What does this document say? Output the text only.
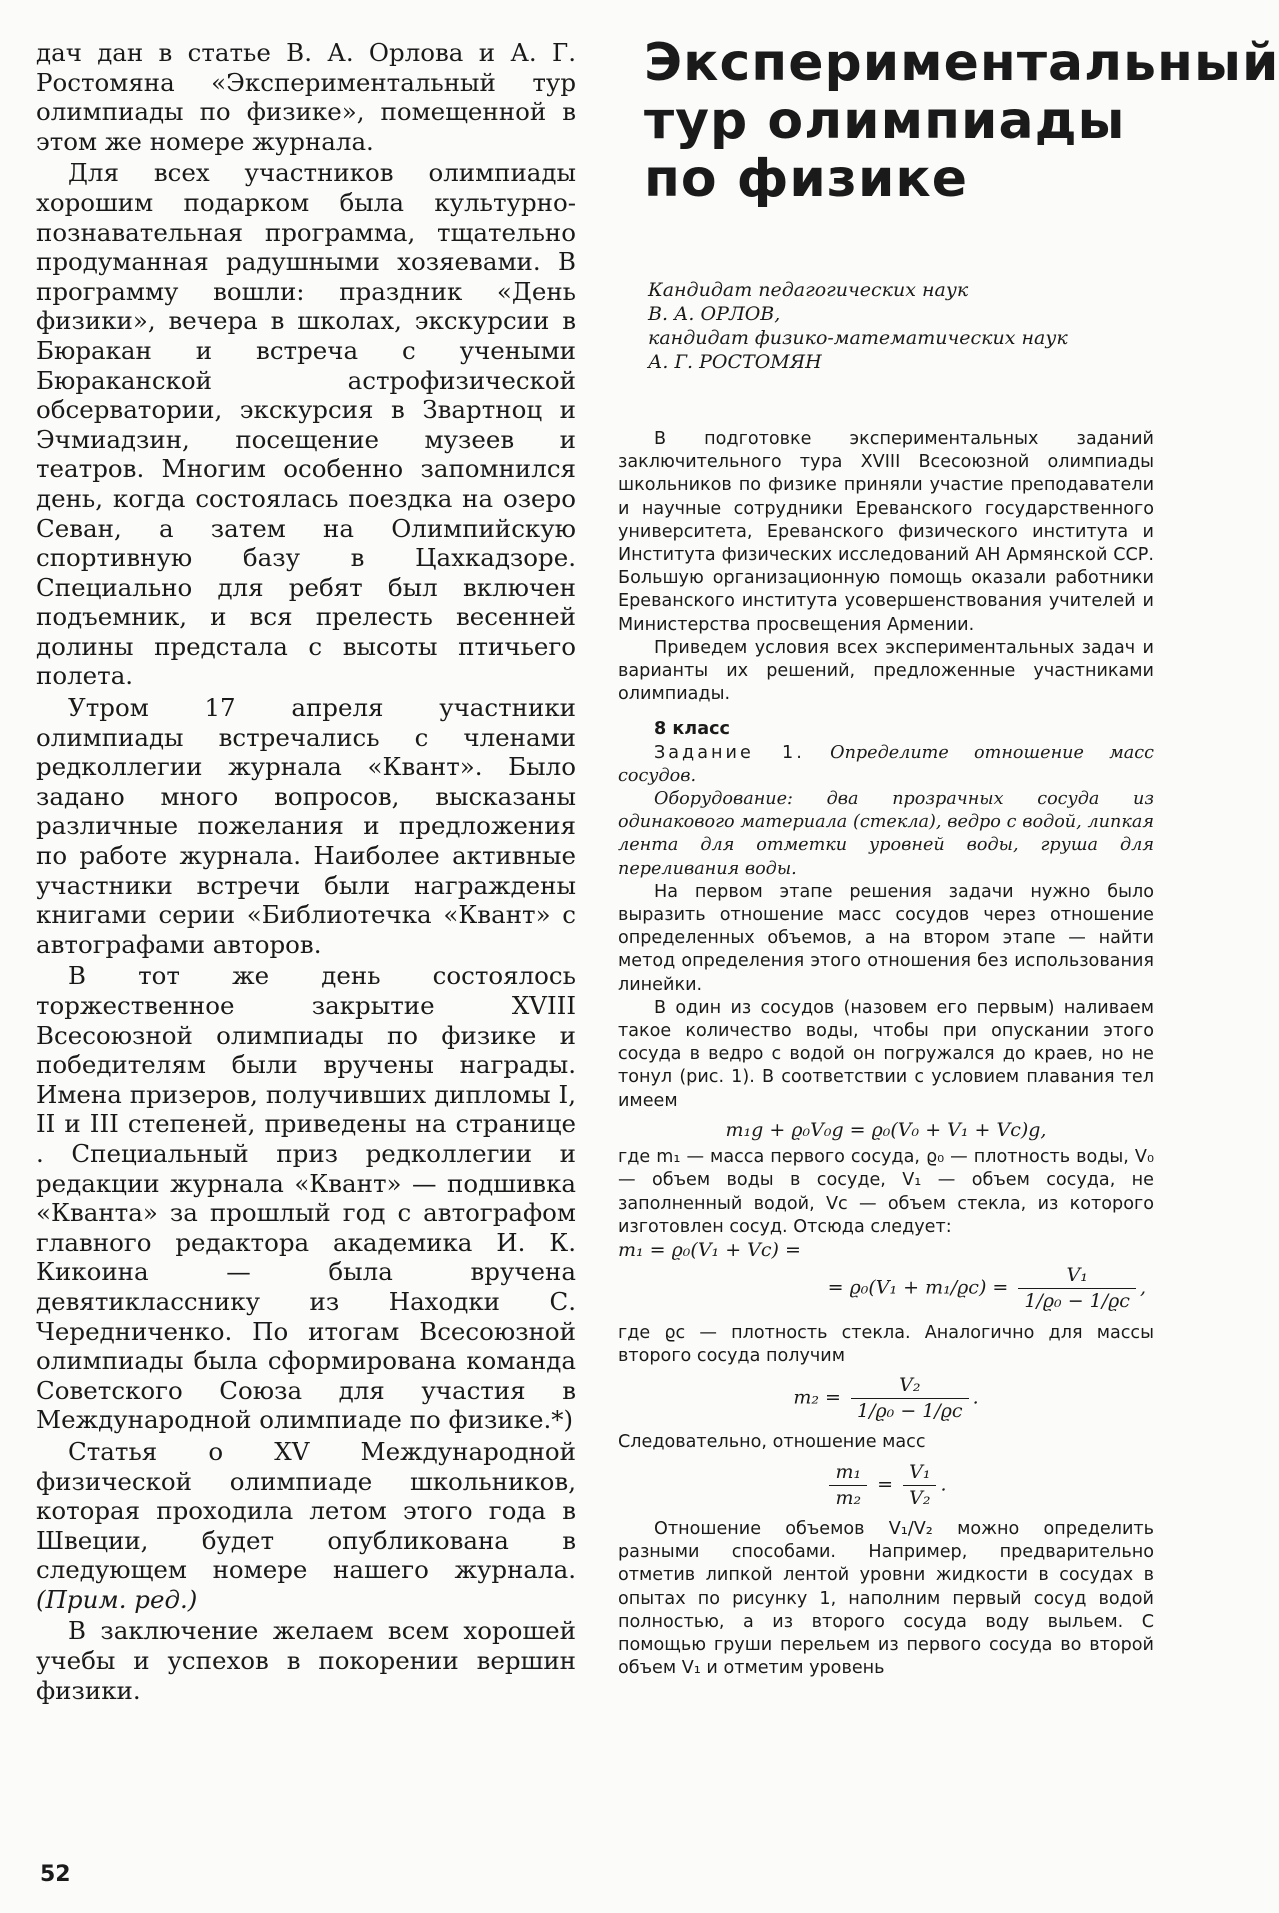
дач дан в статье В. А. Орлова и А. Г. Ростомяна «Экспериментальный тур олимпиады по физике», помещенной в этом же номере журнала.

Для всех участников олимпиады хорошим подарком была культурно-познавательная программа, тщательно продуманная радушными хозяевами. В программу вошли: праздник «День физики», вечера в школах, экскурсии в Бюракан и встреча с учеными Бюраканской астрофизической обсерватории, экскурсия в Звартноц и Эчмиадзин, посещение музеев и театров. Многим особенно запомнился день, когда состоялась поездка на озеро Севан, а затем на Олимпийскую спортивную базу в Цахкадзоре. Специально для ребят был включен подъемник, и вся прелесть весенней долины предстала с высоты птичьего полета.

Утром 17 апреля участники олимпиады встречались с членами редколлегии журнала «Квант». Было задано много вопросов, высказаны различные пожелания и предложения по работе журнала. Наиболее активные участники встречи были награждены книгами серии «Библиотечка «Квант» с автографами авторов.

В тот же день состоялось торжественное закрытие XVIII Всесоюзной олимпиады по физике и победителям были вручены награды. Имена призеров, получивших дипломы I, II и III степеней, приведены на странице . Специальный приз редколлегии и редакции журнала «Квант» — подшивка «Кванта» за прошлый год с автографом главного редактора академика И. К. Кикоина — была вручена девятикласснику из Находки С. Чередниченко. По итогам Всесоюзной олимпиады была сформирована команда Советского Союза для участия в Международной олимпиаде по физике.*)

Статья о XV Международной физической олимпиаде школьников, которая проходила летом этого года в Швеции, будет опубликована в следующем номере нашего журнала. (Прим. ред.)

В заключение желаем всем хорошей учебы и успехов в покорении вершин физики.

Экспериментальный
тур олимпиады
по физике
Кандидат педагогических наук
В. А. ОРЛОВ,
кандидат физико-математических наук
А. Г. РОСТОМЯН

В подготовке экспериментальных заданий заключительного тура XVIII Всесоюзной олимпиады школьников по физике приняли участие преподаватели и научные сотрудники Ереванского государственного университета, Ереванского физического института и Института физических исследований АН Армянской ССР. Большую организационную помощь оказали работники Ереванского института усовершенствования учителей и Министерства просвещения Армении.

Приведем условия всех экспериментальных задач и варианты их решений, предложенные участниками олимпиады.

8 класс

Задание 1. Определите отношение масс сосудов.

Оборудование: два прозрачных сосуда из одинакового материала (стекла), ведро с водой, липкая лента для отметки уровней воды, груша для переливания воды.

На первом этапе решения задачи нужно было выразить отношение масс сосудов через отношение определенных объемов, а на втором этапе — найти метод определения этого отношения без использования линейки.

В один из сосудов (назовем его первым) наливаем такое количество воды, чтобы при опускании этого сосуда в ведро с водой он погружался до краев, но не тонул (рис. 1). В соответствии с условием плавания тел имеем

m₁g + ϱ₀V₀g = ϱ₀(V₀ + V₁ + Vс)g,

где m₁ — масса первого сосуда, ϱ₀ — плотность воды, V₀ — объем воды в сосуде, V₁ — объем сосуда, не заполненный водой, Vс — объем стекла, из которого изготовлен сосуд. Отсюда следует:

m₁ = ϱ₀(V₁ + Vс) =
= $ϱ_0(V_1 + m_1/ϱс) = \frac{\text{V₁}}{\text{1/ϱ₀ − 1/ϱс}}$ ,

где ϱс — плотность стекла. Аналогично для массы второго сосуда получим

$m_2 = \frac{\text{V₂}}{\text{1/ϱ₀ − 1/ϱс}}$ .

Следовательно, отношение масс

$\frac{\text{m₁}}{\text{m₂}} = \frac{\text{V₁}}{\text{V₂}}$ .

Отношение объемов V₁/V₂ можно определить разными способами. Например, предварительно отметив липкой лентой уровни жидкости в сосудах в опытах по рисунку 1, наполним первый сосуд водой полностью, а из второго сосуда воду выльем. С помощью груши перельем из первого сосуда во второй объем V₁ и отметим уровень

52
